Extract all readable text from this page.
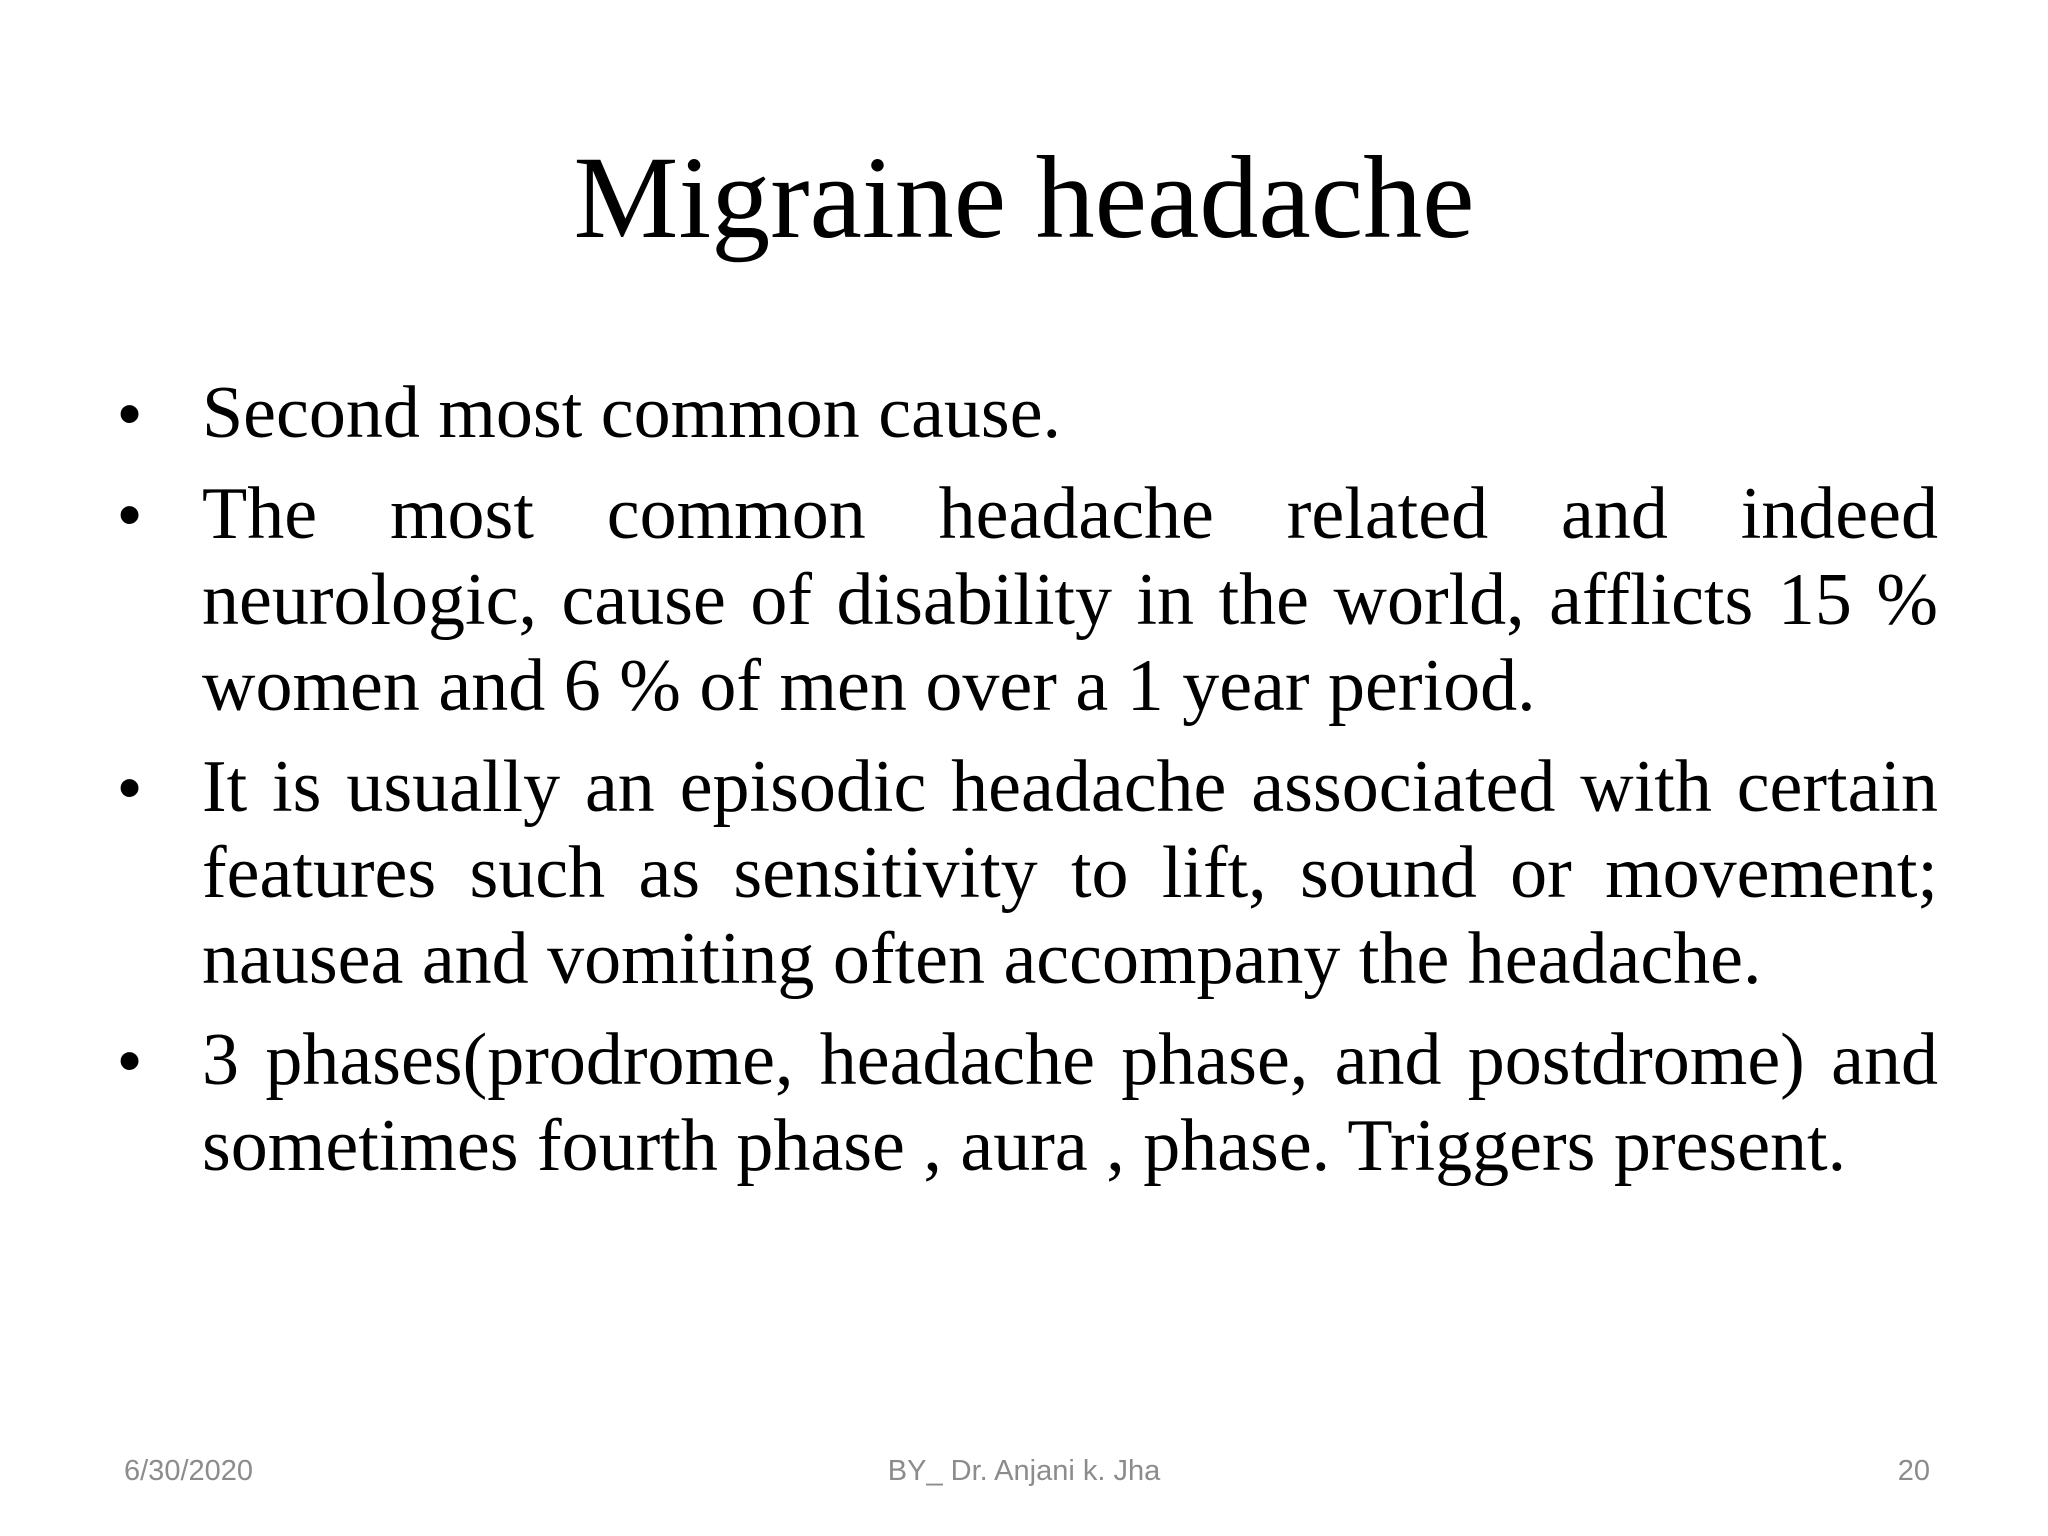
Migraine headache
• Second most common cause.
• The most common headache related and indeed neurologic, cause of disability in the world, afflicts 15 % women and 6 % of men over a 1 year period.
• It is usually an episodic headache associated with certain features such as sensitivity to lift, sound or movement; nausea and vomiting often accompany the headache.
• 3 phases(prodrome, headache phase, and postdrome) and sometimes fourth phase , aura , phase. Triggers present.
6/30/2020	BY_ Dr. Anjani k. Jha	20
